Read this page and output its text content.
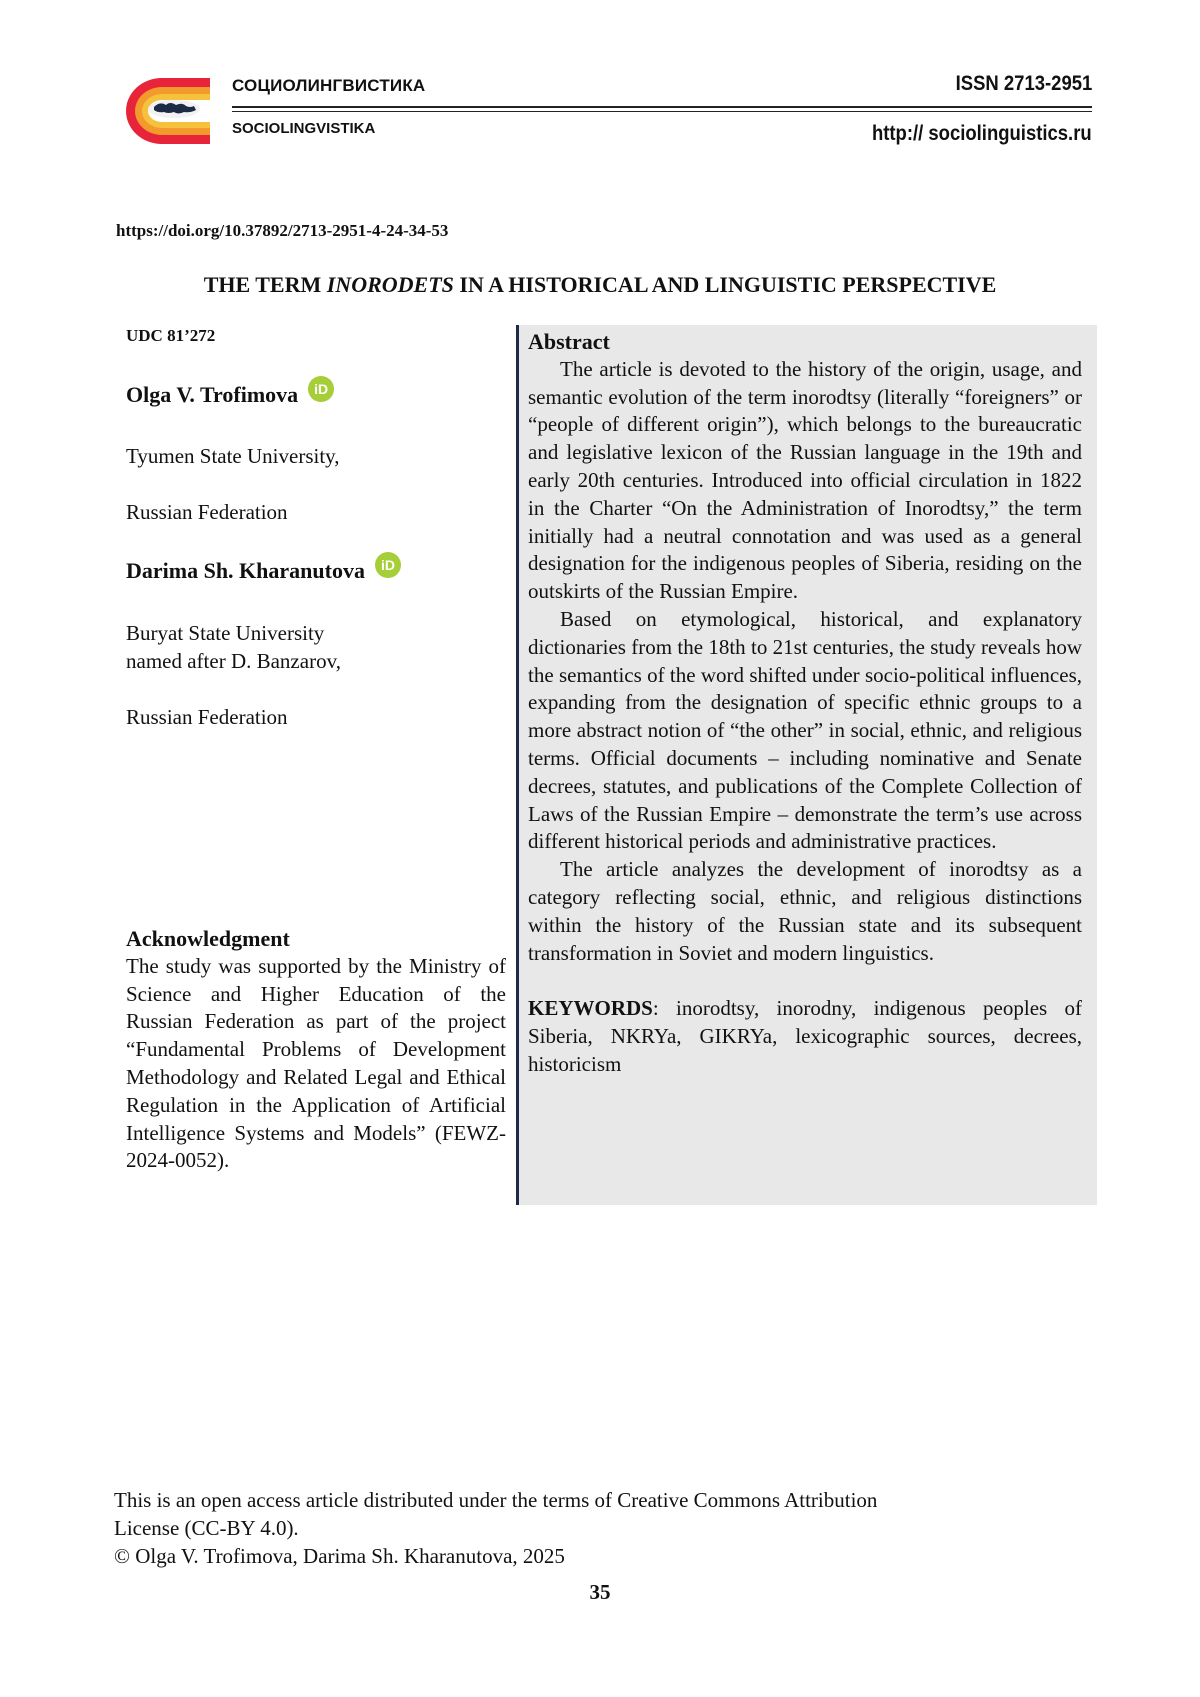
СОЦИОЛИНГВИСТИКА
SOCIOLINGVISTIKA
ISSN 2713-2951
http:// sociolinguistics.ru
https://doi.org/10.37892/2713-2951-4-24-34-53
THE TERM INORODETS IN A HISTORICAL AND LINGUISTIC PERSPECTIVE
UDC 81’272
Olga V. Trofimova iD
Tyumen State University,
Russian Federation
Darima Sh. Kharanutova iD
Buryat State University
named after D. Banzarov,
Russian Federation
Acknowledgment
The study was supported by the Ministry of Science and Higher Education of the Russian Federation as part of the project “Fundamental Problems of Development Methodology and Related Legal and Ethical Regulation in the Application of Artificial Intelligence Systems and Models” (FEWZ-2024-0052).

Abstract

The article is devoted to the history of the origin, usage, and semantic evolution of the term inorodtsy (literally “foreigners” or “people of different origin”), which belongs to the bureaucratic and legislative lexicon of the Russian language in the 19th and early 20th centuries. Introduced into official circulation in 1822 in the Charter “On the Administration of Inorodtsy,” the term initially had a neutral connotation and was used as a general designation for the indigenous peoples of Siberia, residing on the outskirts of the Russian Empire.

Based on etymological, historical, and explanatory dictionaries from the 18th to 21st centuries, the study reveals how the semantics of the word shifted under socio-political influences, expanding from the designation of specific ethnic groups to a more abstract notion of “the other” in social, ethnic, and religious terms. Official documents – including nominative and Senate decrees, statutes, and publications of the Complete Collection of Laws of the Russian Empire – demonstrate the term’s use across different historical periods and administrative practices.

The article analyzes the development of inorodtsy as a category reflecting social, ethnic, and religious distinctions within the history of the Russian state and its subsequent transformation in Soviet and modern linguistics.

KEYWORDS: inorodtsy, inorodny, indigenous peoples of Siberia, NKRYa, GIKRYa, lexicographic sources, decrees, historicism

This is an open access article distributed under the terms of Creative Commons Attribution
License (CC-BY 4.0).
© Olga V. Trofimova, Darima Sh. Kharanutova, 2025
35
